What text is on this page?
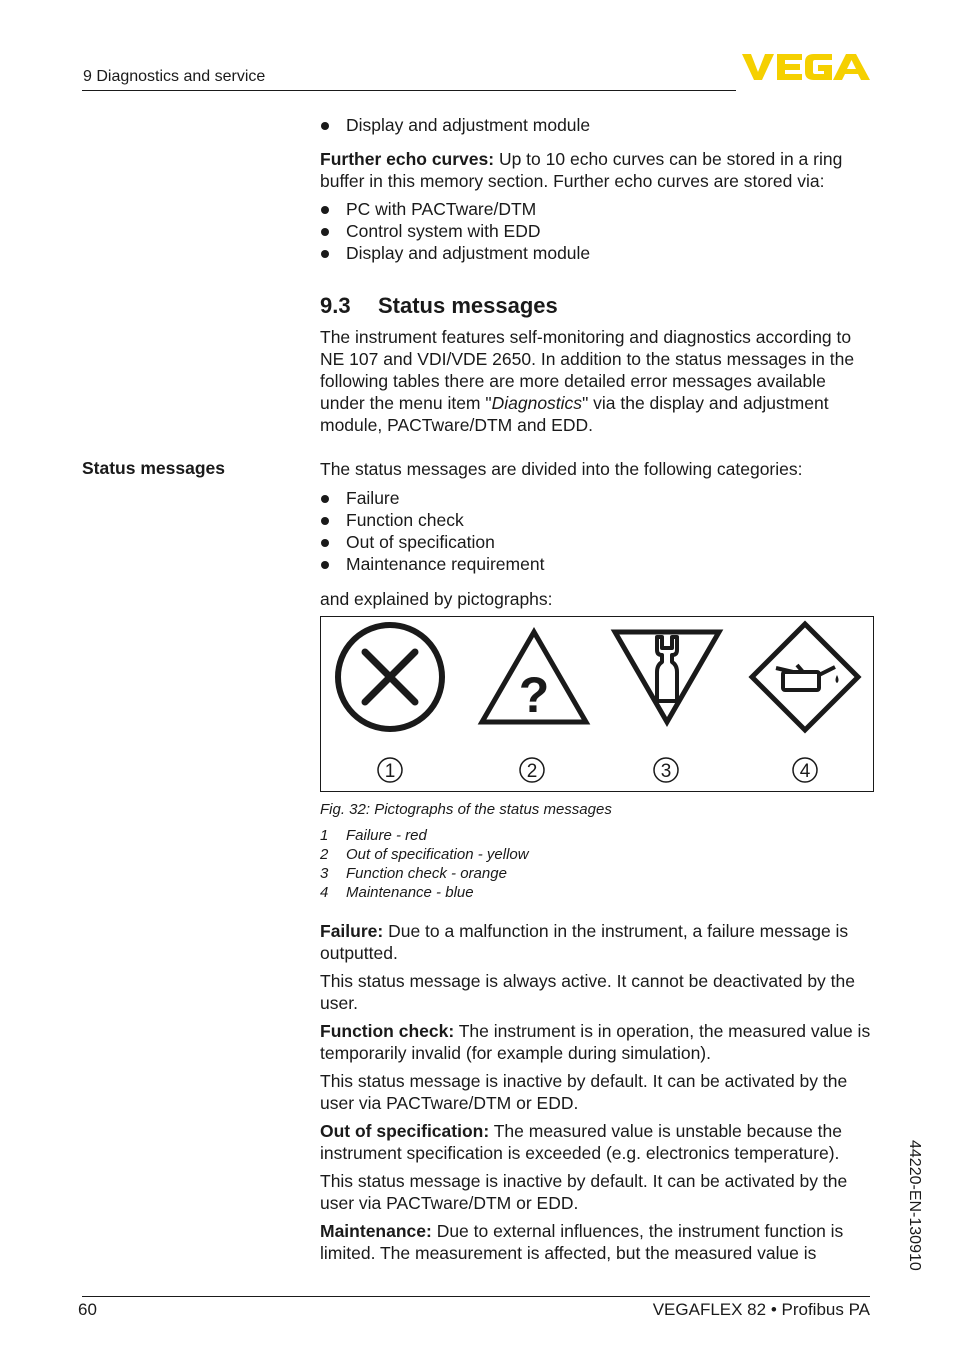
9 Diagnostics and service
Status messages
Display and adjustment module

Further echo curves: Up to 10 echo curves can be stored in a ring buffer in this memory section. Further echo curves are stored via:

PC with PACTware/DTM
Control system with EDD
Display and adjustment module
9.3 Status messages

The instrument features self-monitoring and diagnostics according to NE 107 and VDI/VDE 2650. In addition to the status messages in the following tables there are more detailed error messages available under the menu item "Diagnostics" via the display and adjustment module, PACTware/DTM and EDD.

The status messages are divided into the following categories:

Failure
Function check
Out of specification
Maintenance requirement

and explained by pictographs:

?
1	2	3	4

Fig. 32: Pictographs of the status messages

1	Failure - red
2	Out of specification - yellow
3	Function check - orange
4	Maintenance - blue

Failure: Due to a malfunction in the instrument, a failure message is outputted.

This status message is always active. It cannot be deactivated by the user.

Function check: The instrument is in operation, the measured value is temporarily invalid (for example during simulation).

This status message is inactive by default. It can be activated by the user via PACTware/DTM or EDD.

Out of specification: The measured value is unstable because the instrument specification is exceeded (e.g. electronics temperature).

This status message is inactive by default. It can be activated by the user via PACTware/DTM or EDD.

Maintenance: Due to external influences, the instrument function is limited. The measurement is affected, but the measured value is	44220-EN-130910
60	VEGAFLEX 82 • Profibus PA
